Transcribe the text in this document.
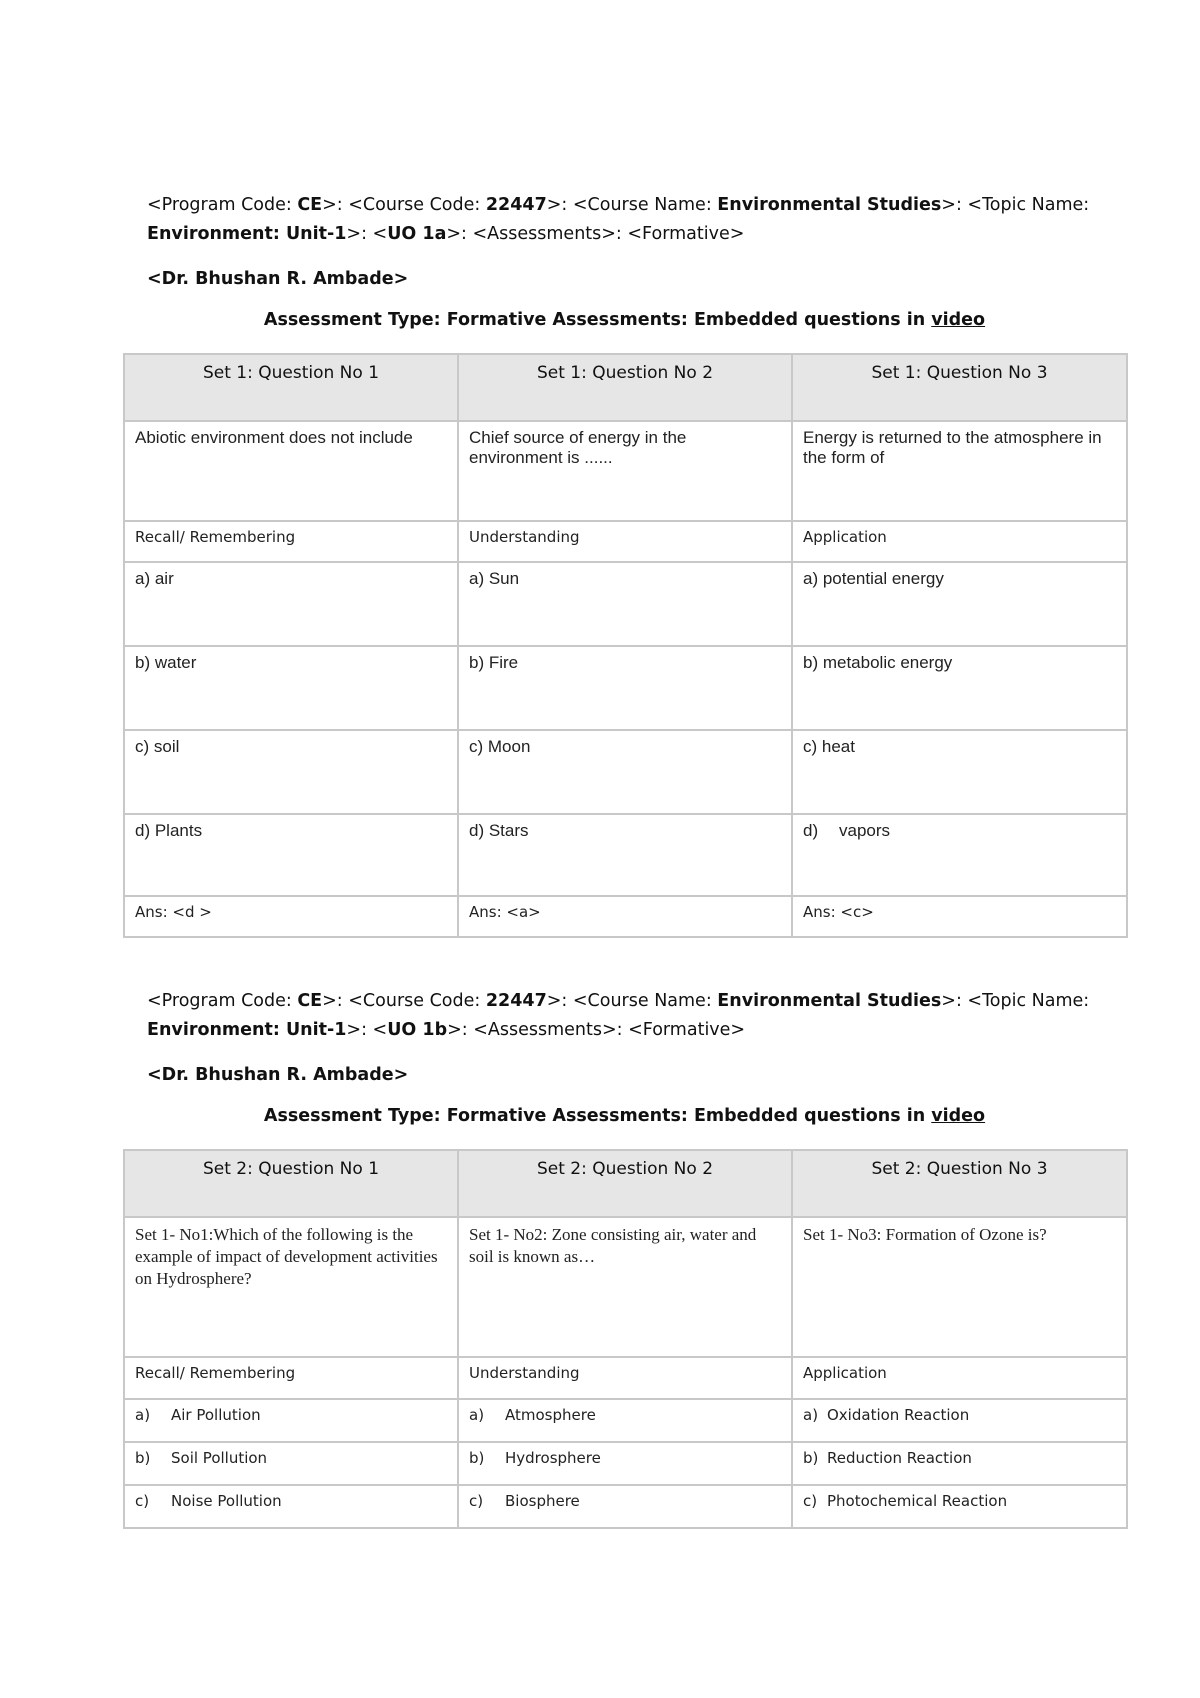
<Program Code: CE>: <Course Code: 22447>: <Course Name: Environmental Studies>: <Topic Name:
Environment: Unit-1>: <UO 1a>: <Assessments>: <Formative>
<Dr. Bhushan R. Ambade>
Assessment Type: Formative Assessments: Embedded questions in video
Set 1: Question No 1	Set 1: Question No 2	Set 1: Question No 3
Abiotic environment does not include	Chief source of energy in the environment is ......	Energy is returned to the atmosphere in the form of
Recall/ Remembering	Understanding	Application
a) air	a) Sun	a) potential energy
b) water	b) Fire	b) metabolic energy
c) soil	c) Moon	c) heat
d) Plants	d) Stars	d) vapors
Ans: <d >	Ans: <a>	Ans: <c>
<Program Code: CE>: <Course Code: 22447>: <Course Name: Environmental Studies>: <Topic Name:
Environment: Unit-1>: <UO 1b>: <Assessments>: <Formative>
<Dr. Bhushan R. Ambade>
Assessment Type: Formative Assessments: Embedded questions in video
Set 2: Question No 1	Set 2: Question No 2	Set 2: Question No 3
Set 1- No1:Which of the following is the example of impact of development activities on Hydrosphere?	Set 1- No2: Zone consisting air, water and soil is known as…	Set 1- No3: Formation of Ozone is?
Recall/ Remembering	Understanding	Application
a) Air Pollution	a) Atmosphere	a) Oxidation Reaction
b) Soil Pollution	b) Hydrosphere	b) Reduction Reaction
c) Noise Pollution	c) Biosphere	c) Photochemical Reaction
